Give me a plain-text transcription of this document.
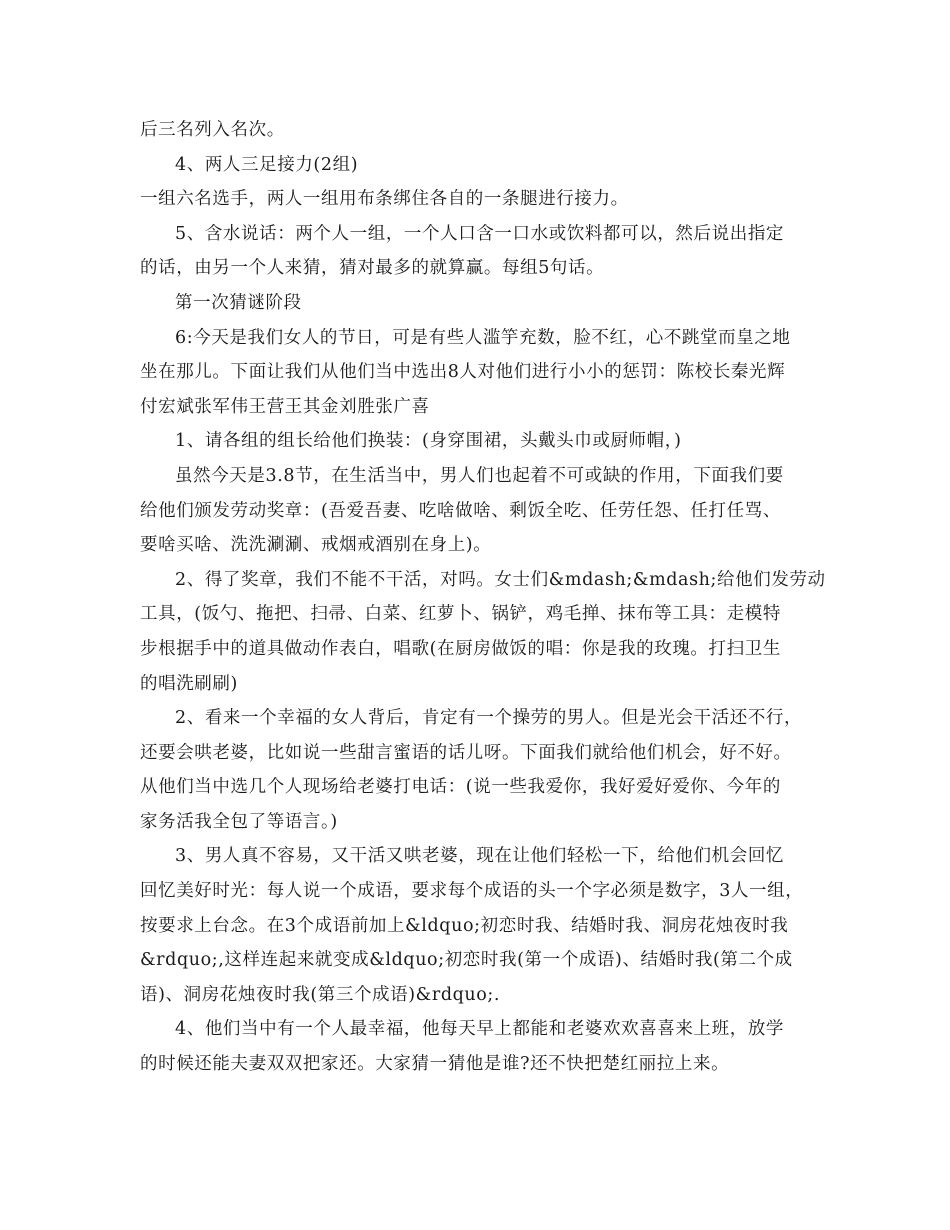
后三名列入名次。
4、两人三足接力(2组)
一组六名选手，两人一组用布条绑住各自的一条腿进行接力。
5、含水说话：两个人一组，一个人口含一口水或饮料都可以，然后说出指定
的话，由另一个人来猜，猜对最多的就算赢。每组5句话。
第一次猜谜阶段
6:今天是我们女人的节日，可是有些人滥竽充数，脸不红，心不跳堂而皇之地
坐在那儿。下面让我们从他们当中选出8人对他们进行小小的惩罚：陈校长秦光辉
付宏斌张军伟王营王其金刘胜张广喜
1、请各组的组长给他们换装：(身穿围裙，头戴头巾或厨师帽，)
虽然今天是3.8节，在生活当中，男人们也起着不可或缺的作用，下面我们要
给他们颁发劳动奖章：(吾爱吾妻、吃啥做啥、剩饭全吃、任劳任怨、任打任骂、
要啥买啥、洗洗涮涮、戒烟戒酒别在身上)。
2、得了奖章，我们不能不干活，对吗。女士们&mdash;&mdash;给他们发劳动
工具，(饭勺、拖把、扫帚、白菜、红萝卜、锅铲，鸡毛掸、抹布等工具：走模特
步根据手中的道具做动作表白，唱歌(在厨房做饭的唱：你是我的玫瑰。打扫卫生
的唱洗刷刷)
2、看来一个幸福的女人背后，肯定有一个操劳的男人。但是光会干活还不行，
还要会哄老婆，比如说一些甜言蜜语的话儿呀。下面我们就给他们机会，好不好。
从他们当中选几个人现场给老婆打电话：(说一些我爱你，我好爱好爱你、今年的
家务活我全包了等语言。)
3、男人真不容易，又干活又哄老婆，现在让他们轻松一下，给他们机会回忆
回忆美好时光：每人说一个成语，要求每个成语的头一个字必须是数字，3人一组，
按要求上台念。在3个成语前加上&ldquo;初恋时我、结婚时我、洞房花烛夜时我
&rdquo;,这样连起来就变成&ldquo;初恋时我(第一个成语)、结婚时我(第二个成
语)、洞房花烛夜时我(第三个成语)&rdquo;.
4、他们当中有一个人最幸福，他每天早上都能和老婆欢欢喜喜来上班，放学
的时候还能夫妻双双把家还。大家猜一猜他是谁?还不快把楚红丽拉上来。
